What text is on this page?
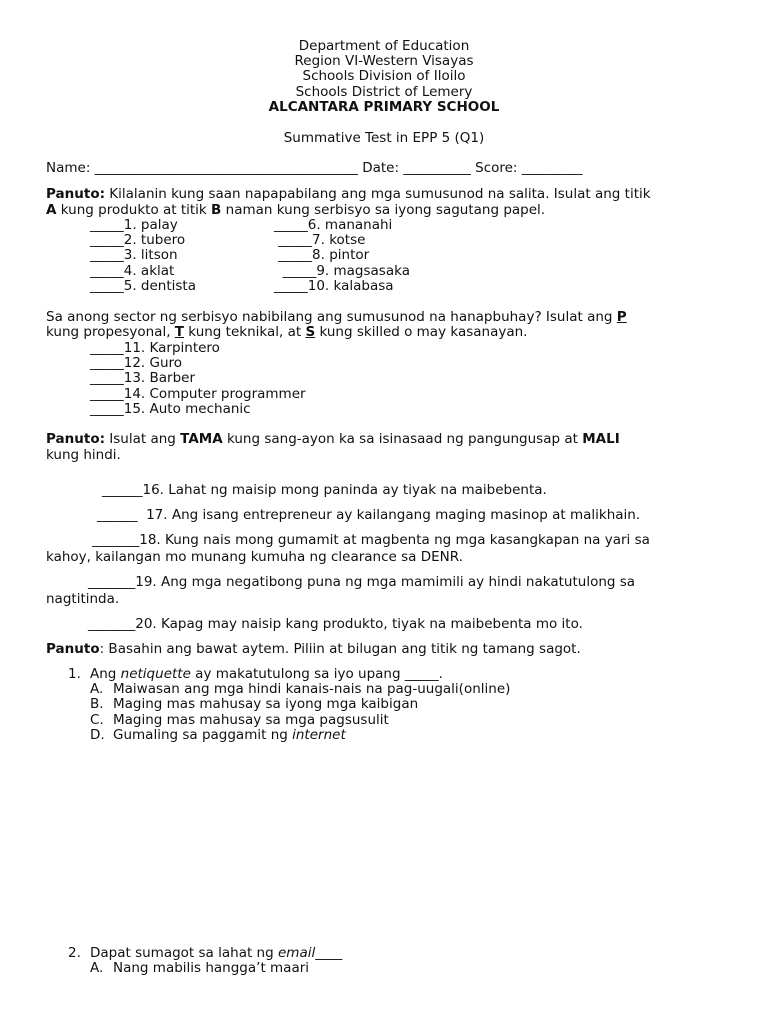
Department of Education
Region VI-Western Visayas
Schools Division of Iloilo
Schools District of Lemery
ALCANTARA PRIMARY SCHOOL
Summative Test in EPP 5 (Q1)
Name: _______________________________________ Date: __________ Score: _________
Panuto: Kilalanin kung saan napapabilang ang mga sumusunod na salita. Isulat ang titik
A kung produkto at titik B naman kung serbisyo sa iyong sagutang papel.
_____1. palay
_____2. tubero
_____3. litson
_____4. aklat
_____5. dentista
_____6. mananahi
_____7. kotse
_____8. pintor
_____9. magsasaka
_____10. kalabasa
Sa anong sector ng serbisyo nabibilang ang sumusunod na hanapbuhay? Isulat ang P
kung propesyonal, T kung teknikal, at S kung skilled o may kasanayan.
_____11. Karpintero
_____12. Guro
_____13. Barber
_____14. Computer programmer
_____15. Auto mechanic
Panuto: Isulat ang TAMA kung sang-ayon ka sa isinasaad ng pangungusap at MALI
kung hindi.
______16. Lahat ng maisip mong paninda ay tiyak na maibebenta.
______  17. Ang isang entrepreneur ay kailangang maging masinop at malikhain.
_______18. Kung nais mong gumamit at magbenta ng mga kasangkapan na yari sa
kahoy, kailangan mo munang kumuha ng clearance sa DENR.
_______19. Ang mga negatibong puna ng mga mamimili ay hindi nakatutulong sa
nagtitinda.
_______20. Kapag may naisip kang produkto, tiyak na maibebenta mo ito.
Panuto: Basahin ang bawat aytem. Piliin at bilugan ang titik ng tamang sagot.
1. Ang netiquette ay makatutulong sa iyo upang _____.
A. Maiwasan ang mga hindi kanais-nais na pag-uugali(online)
B. Maging mas mahusay sa iyong mga kaibigan
C. Maging mas mahusay sa mga pagsusulit
D. Gumaling sa paggamit ng internet
2. Dapat sumagot sa lahat ng email____
A. Nang mabilis hangga’t maari
